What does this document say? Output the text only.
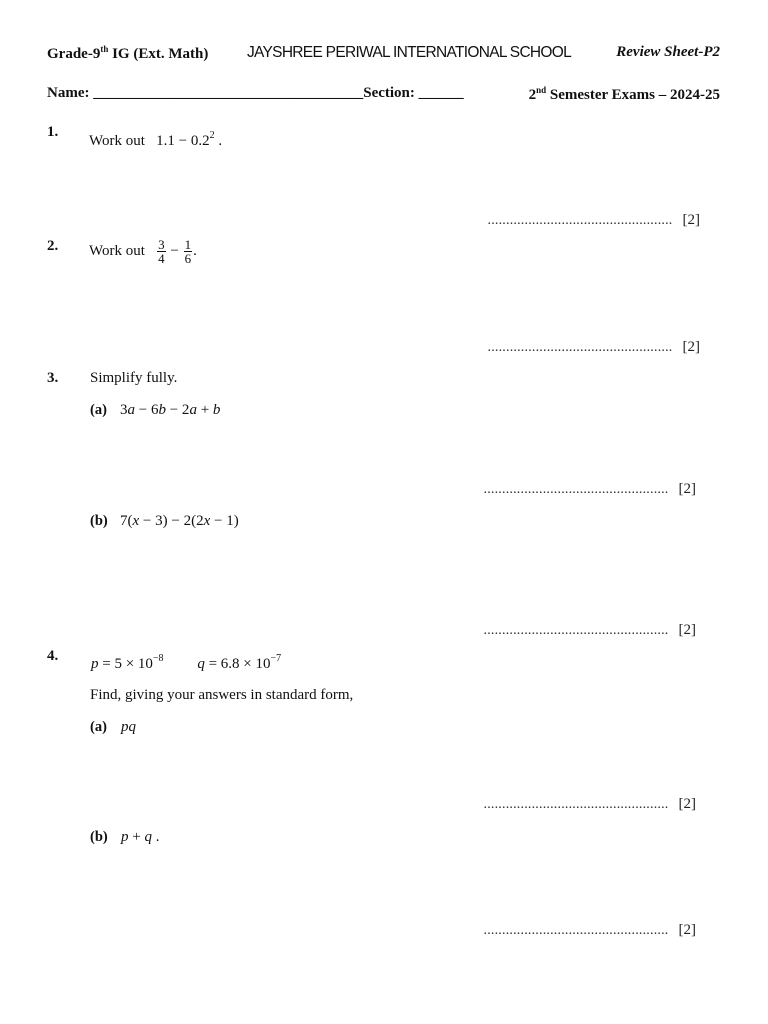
Grade-9th IG (Ext. Math) JAYSHREE PERIWAL INTERNATIONAL SCHOOL	Review Sheet-P2
Name: ____________________________________Section: ______	2nd Semester Exams – 2024-25
1.
Work out $1.1 - 0.2^2$ .
.................................................. [2]
2. Work out $\frac{3}{4} - \frac{1}{6}$ .
.................................................. [2]
3. Simplify fully.
(a) 3a − 6b − 2a + b
.................................................. [2]
(b) 7(x − 3) − 2(2x − 1)
.................................................. [2]
4. $p = 5 \times 10^{-8}$ $q = 6.8 \times 10^{-7}$
Find, giving your answers in standard form,
(a) pq
.................................................. [2]
(b) p + q .
.................................................. [2]
